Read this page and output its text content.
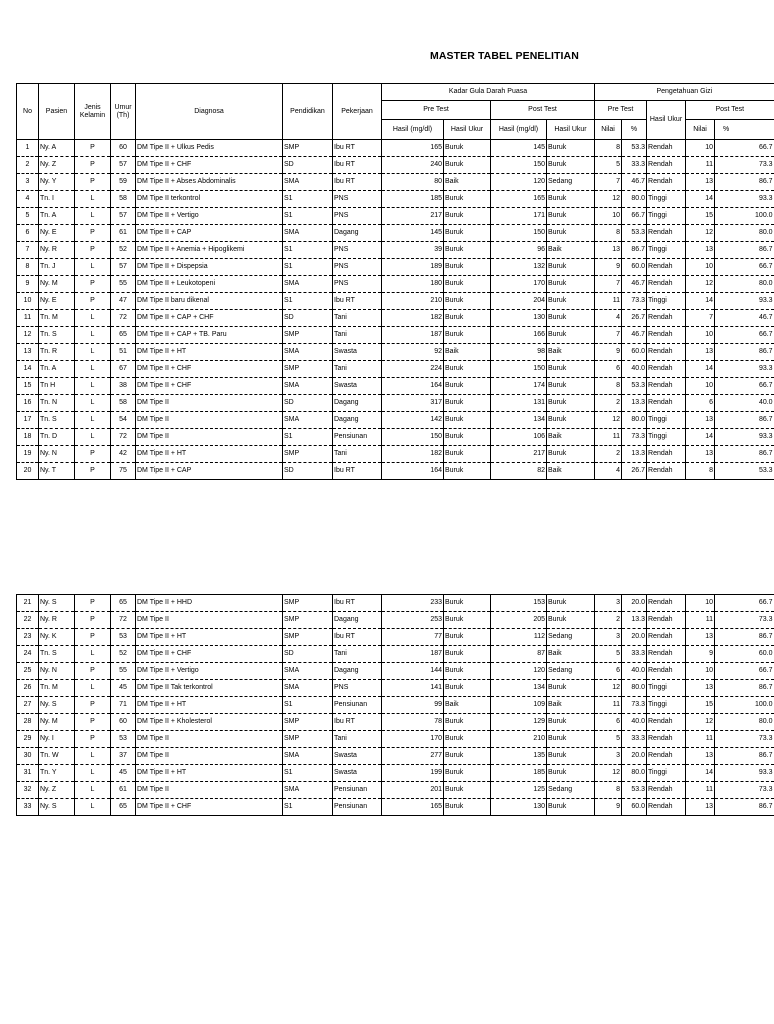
MASTER TABEL PENELITIAN
No	Pasien	Jenis Kelamin	Umur (Th)	Diagnosa	Pendidikan	Pekerjaan	Kadar Gula Darah Puasa				Pengetahuan Gizi				
							Pre Test		Post Test		Pre Test		Hasil Ukur	Post Test	
							Hasil (mg/dl)	Hasil Ukur	Hasil (mg/dl)	Hasil Ukur	Nilai	%		Nilai	%
1	Ny. A	P	60	DM Tipe II + Ulkus Pedis	SMP	Ibu RT	165	Buruk	145	Buruk	8	53.3	Rendah	10	66.7
2	Ny. Z	P	57	DM Tipe II + CHF	SD	Ibu RT	240	Buruk	150	Buruk	5	33.3	Rendah	11	73.3
3	Ny. Y	P	59	DM Tipe II + Abses Abdominalis	SMA	Ibu RT	80	Baik	120	Sedang	7	46.7	Rendah	13	86.7
4	Tn. I	L	58	DM Tipe II terkontrol	S1	PNS	185	Buruk	165	Buruk	12	80.0	Tinggi	14	93.3
5	Tn. A	L	57	DM Tipe II + Vertigo	S1	PNS	217	Buruk	171	Buruk	10	66.7	Tinggi	15	100.0
6	Ny. E	P	61	DM Tipe II + CAP	SMA	Dagang	145	Buruk	150	Buruk	8	53.3	Rendah	12	80.0
7	Ny. R	P	52	DM Tipe II + Anemia + Hipoglikemi	S1	PNS	39	Buruk	96	Baik	13	86.7	Tinggi	13	86.7
8	Tn. J	L	57	DM Tipe II + Dispepsia	S1	PNS	189	Buruk	132	Buruk	9	60.0	Rendah	10	66.7
9	Ny. M	P	55	DM Tipe II + Leukotopeni	SMA	PNS	180	Buruk	170	Buruk	7	46.7	Rendah	12	80.0
10	Ny. E	P	47	DM Tipe II baru dikenal	S1	Ibu RT	210	Buruk	204	Buruk	11	73.3	Tinggi	14	93.3
11	Tn. M	L	72	DM Tipe II + CAP + CHF	SD	Tani	182	Buruk	130	Buruk	4	26.7	Rendah	7	46.7
12	Tn. S	L	65	DM Tipe II + CAP + TB. Paru	SMP	Tani	187	Buruk	166	Buruk	7	46.7	Rendah	10	66.7
13	Tn. R	L	51	DM Tipe II + HT	SMA	Swasta	92	Baik	98	Baik	9	60.0	Rendah	13	86.7
14	Tn. A	L	67	DM Tipe II + CHF	SMP	Tani	224	Buruk	150	Buruk	6	40.0	Rendah	14	93.3
15	Tn H	L	38	DM Tipe II + CHF	SMA	Swasta	164	Buruk	174	Buruk	8	53.3	Rendah	10	66.7
16	Tn. N	L	58	DM Tipe II	SD	Dagang	317	Buruk	131	Buruk	2	13.3	Rendah	6	40.0
17	Tn. S	L	54	DM Tipe II	SMA	Dagang	142	Buruk	134	Buruk	12	80.0	Tinggi	13	86.7
18	Tn. D	L	72	DM Tipe II	S1	Pensiunan	150	Buruk	106	Baik	11	73.3	Tinggi	14	93.3
19	Ny. N	P	42	DM Tipe II + HT	SMP	Tani	182	Buruk	217	Buruk	2	13.3	Rendah	13	86.7
20	Ny. T	P	75	DM Tipe II + CAP	SD	Ibu RT	164	Buruk	82	Baik	4	26.7	Rendah	8	53.3
21	Ny. S	P	65	DM Tipe II + HHD	SMP	Ibu RT	233	Buruk	153	Buruk	3	20.0	Rendah	10	66.7
22	Ny. R	P	72	DM Tipe II	SMP	Dagang	253	Buruk	205	Buruk	2	13.3	Rendah	11	73.3
23	Ny. K	P	53	DM Tipe II + HT	SMP	Ibu RT	77	Buruk	112	Sedang	3	20.0	Rendah	13	86.7
24	Tn. S	L	52	DM Tipe II + CHF	SD	Tani	187	Buruk	87	Baik	5	33.3	Rendah	9	60.0
25	Ny. N	P	55	DM Tipe II + Vertigo	SMA	Dagang	144	Buruk	120	Sedang	6	40.0	Rendah	10	66.7
26	Tn. M	L	45	DM Tipe II Tak terkontrol	SMA	PNS	141	Buruk	134	Buruk	12	80.0	Tinggi	13	86.7
27	Ny. S	P	71	DM Tipe II + HT	S1	Pensiunan	99	Baik	109	Baik	11	73.3	Tinggi	15	100.0
28	Ny. M	P	60	DM Tipe II + Kholesterol	SMP	Ibu RT	78	Buruk	129	Buruk	6	40.0	Rendah	12	80.0
29	Ny. I	P	53	DM Tipe II	SMP	Tani	170	Buruk	210	Buruk	5	33.3	Rendah	11	73.3
30	Tn. W	L	37	DM Tipe II	SMA	Swasta	277	Buruk	135	Buruk	3	20.0	Rendah	13	86.7
31	Tn. Y	L	45	DM Tipe II + HT	S1	Swasta	199	Buruk	185	Buruk	12	80.0	Tinggi	14	93.3
32	Ny. Z	L	61	DM Tipe II	SMA	Pensiunan	201	Buruk	125	Sedang	8	53.3	Rendah	11	73.3
33	Ny. S	L	65	DM Tipe II + CHF	S1	Pensiunan	165	Buruk	130	Buruk	9	60.0	Rendah	13	86.7
